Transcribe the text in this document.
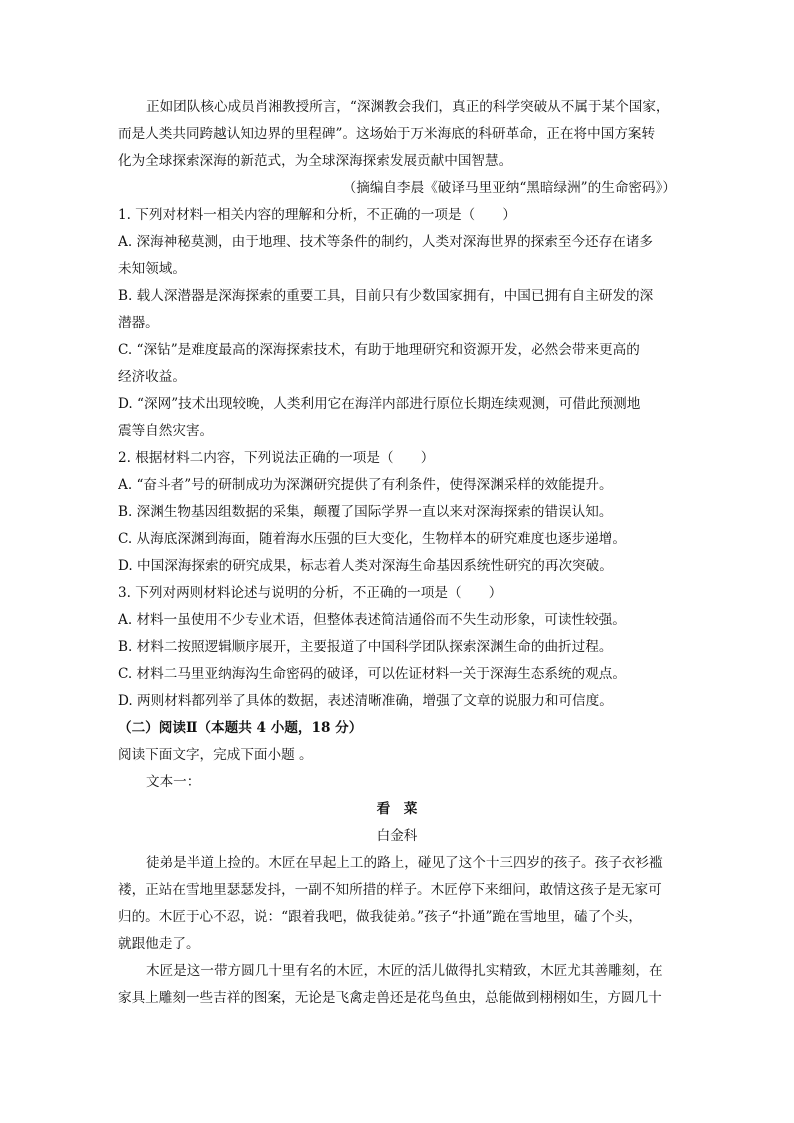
正如团队核心成员肖湘教授所言，“深渊教会我们，真正的科学突破从不属于某个国家，

而是人类共同跨越认知边界的里程碑”。这场始于万米海底的科研革命，正在将中国方案转

化为全球探索深海的新范式，为全球深海探索发展贡献中国智慧。

（摘编自李晨《破译马里亚纳“黑暗绿洲”的生命密码》）

1. 下列对材料一相关内容的理解和分析，不正确的一项是（　　）

A. 深海神秘莫测，由于地理、技术等条件的制约，人类对深海世界的探索至今还存在诸多

未知领域。

B. 载人深潜器是深海探索的重要工具，目前只有少数国家拥有，中国已拥有自主研发的深

潜器。

C. “深钻”是难度最高的深海探索技术，有助于地理研究和资源开发，必然会带来更高的

经济收益。

D. “深网”技术出现较晚，人类利用它在海洋内部进行原位长期连续观测，可借此预测地

震等自然灾害。

2. 根据材料二内容，下列说法正确的一项是（　　）

A. “奋斗者”号的研制成功为深渊研究提供了有利条件，使得深渊采样的效能提升。

B. 深渊生物基因组数据的采集，颠覆了国际学界一直以来对深海探索的错误认知。

C. 从海底深渊到海面，随着海水压强的巨大变化，生物样本的研究难度也逐步递增。

D. 中国深海探索的研究成果，标志着人类对深海生命基因系统性研究的再次突破。

3. 下列对两则材料论述与说明的分析，不正确的一项是（　　）

A. 材料一虽使用不少专业术语，但整体表述简洁通俗而不失生动形象，可读性较强。

B. 材料二按照逻辑顺序展开，主要报道了中国科学团队探索深渊生命的曲折过程。

C. 材料二马里亚纳海沟生命密码的破译，可以佐证材料一关于深海生态系统的观点。

D. 两则材料都列举了具体的数据，表述清晰准确，增强了文章的说服力和可信度。

（二）阅读Ⅱ（本题共 4 小题，18 分）

阅读下面文字，完成下面小题 。

文本一：

看　菜

白金科

徒弟是半道上捡的。木匠在早起上工的路上，碰见了这个十三四岁的孩子。孩子衣衫褴

褛，正站在雪地里瑟瑟发抖，一副不知所措的样子。木匠停下来细问，敢情这孩子是无家可

归的。木匠于心不忍，说：“跟着我吧，做我徒弟。”孩子“扑通”跪在雪地里，磕了个头，

就跟他走了。

木匠是这一带方圆几十里有名的木匠，木匠的活儿做得扎实精致，木匠尤其善雕刻，在

家具上雕刻一些吉祥的图案，无论是飞禽走兽还是花鸟鱼虫，总能做到栩栩如生，方圆几十
